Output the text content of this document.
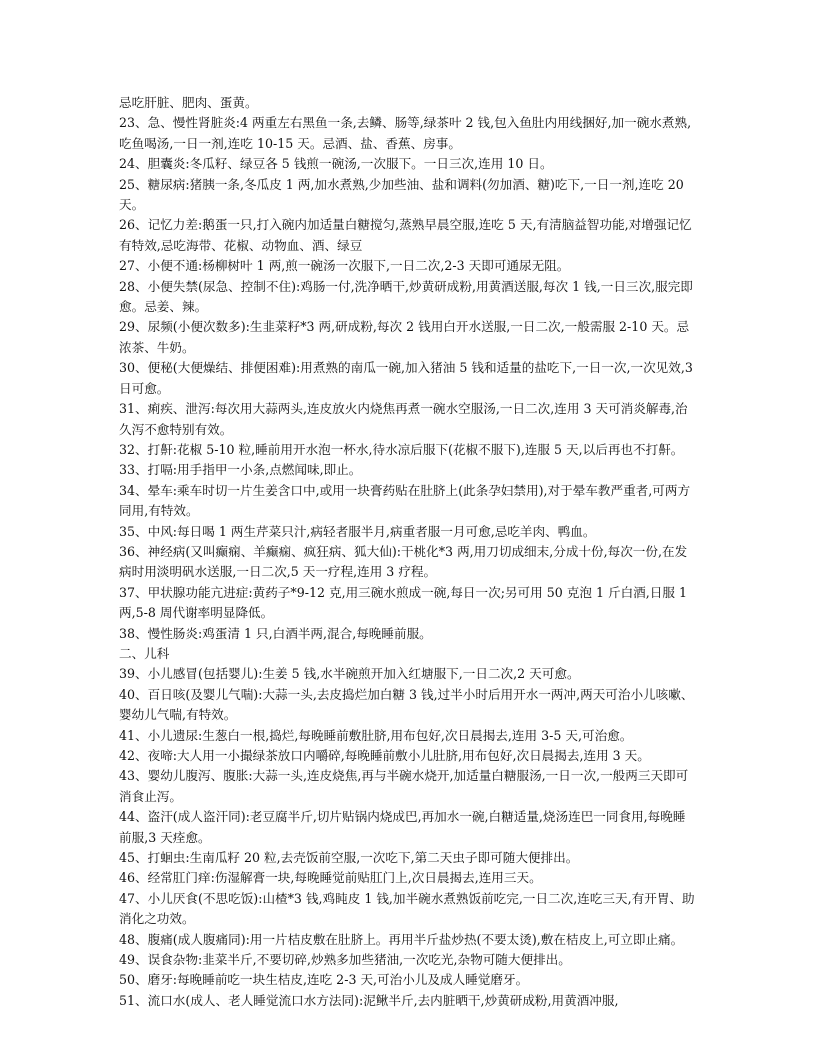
忌吃肝脏、肥肉、蛋黄。

23、急、慢性肾脏炎:4 两重左右黑鱼一条,去鳞、肠等,绿茶叶 2 钱,包入鱼肚内用线捆好,加一碗水煮熟,吃鱼喝汤,一日一剂,连吃 10-15 天。忌酒、盐、香蕉、房事。

24、胆囊炎:冬瓜籽、绿豆各 5 钱煎一碗汤,一次服下。一日三次,连用 10 日。

25、糖尿病:猪胰一条,冬瓜皮 1 两,加水煮熟,少加些油、盐和调料(勿加酒、糖)吃下,一日一剂,连吃 20 天。

26、记忆力差:鹅蛋一只,打入碗内加适量白糖搅匀,蒸熟早晨空服,连吃 5 天,有清脑益智功能,对增强记忆有特效,忌吃海带、花椒、动物血、酒、绿豆

27、小便不通:杨柳树叶 1 两,煎一碗汤一次服下,一日二次,2-3 天即可通尿无阻。

28、小便失禁(尿急、控制不住):鸡肠一付,洗净晒干,炒黄研成粉,用黄酒送服,每次 1 钱,一日三次,服完即愈。忌姜、辣。

29、尿频(小便次数多):生韭菜籽*3 两,研成粉,每次 2 钱用白开水送服,一日二次,一般需服 2-10 天。忌浓茶、牛奶。

30、便秘(大便燥结、排便困难):用煮熟的南瓜一碗,加入猪油 5 钱和适量的盐吃下,一日一次,一次见效,3 日可愈。

31、痢疾、泄泻:每次用大蒜两头,连皮放火内烧焦再煮一碗水空服汤,一日二次,连用 3 天可消炎解毒,治久泻不愈特别有效。

32、打鼾:花椒 5-10 粒,睡前用开水泡一杯水,待水凉后服下(花椒不服下),连服 5 天,以后再也不打鼾。

33、打嗝:用手指甲一小条,点燃闻味,即止。

34、晕车:乘车时切一片生姜含口中,或用一块膏药贴在肚脐上(此条孕妇禁用),对于晕车教严重者,可两方同用,有特效。

35、中风:每日喝 1 两生芹菜只汁,病轻者服半月,病重者服一月可愈,忌吃羊肉、鸭血。

36、神经病(又叫癫痫、羊癫痫、疯狂病、狐大仙):干桃化*3 两,用刀切成细末,分成十份,每次一份,在发病时用淡明矾水送服,一日二次,5 天一疗程,连用 3 疗程。

37、甲状腺功能亢进症:黄药子*9-12 克,用三碗水煎成一碗,每日一次;另可用 50 克泡 1 斤白酒,日服 1 两,5-8 周代谢率明显降低。

38、慢性肠炎:鸡蛋清 1 只,白酒半两,混合,每晚睡前服。

二、儿科

39、小儿感冒(包括婴儿):生姜 5 钱,水半碗煎开加入红塘服下,一日二次,2 天可愈。

40、百日咳(及婴儿气喘):大蒜一头,去皮捣烂加白糖 3 钱,过半小时后用开水一两冲,两天可治小儿咳嗽、婴幼儿气喘,有特效。

41、小儿遗尿:生葱白一根,捣烂,每晚睡前敷肚脐,用布包好,次日晨揭去,连用 3-5 天,可治愈。

42、夜啼:大人用一小撮绿茶放口内嚼碎,每晚睡前敷小儿肚脐,用布包好,次日晨揭去,连用 3 天。

43、婴幼儿腹泻、腹胀:大蒜一头,连皮烧焦,再与半碗水烧开,加适量白糖服汤,一日一次,一般两三天即可消食止泻。

44、盗汗(成人盗汗同):老豆腐半斤,切片贴锅内烧成巴,再加水一碗,白糖适量,烧汤连巴一同食用,每晚睡前服,3 天痊愈。

45、打蛔虫:生南瓜籽 20 粒,去壳饭前空服,一次吃下,第二天虫子即可随大便排出。

46、经常肛门痒:伤湿解膏一块,每晚睡觉前贴肛门上,次日晨揭去,连用三天。

47、小儿厌食(不思吃饭):山楂*3 钱,鸡盹皮 1 钱,加半碗水煮熟饭前吃完,一日二次,连吃三天,有开胃、助消化之功效。

48、腹痛(成人腹痛同):用一片桔皮敷在肚脐上。再用半斤盐炒热(不要太烫),敷在桔皮上,可立即止痛。

49、误食杂物:韭菜半斤,不要切碎,炒熟多加些猪油,一次吃光,杂物可随大便排出。

50、磨牙:每晚睡前吃一块生桔皮,连吃 2-3 天,可治小儿及成人睡觉磨牙。

51、流口水(成人、老人睡觉流口水方法同):泥鳅半斤,去内脏晒干,炒黄研成粉,用黄酒冲服,
